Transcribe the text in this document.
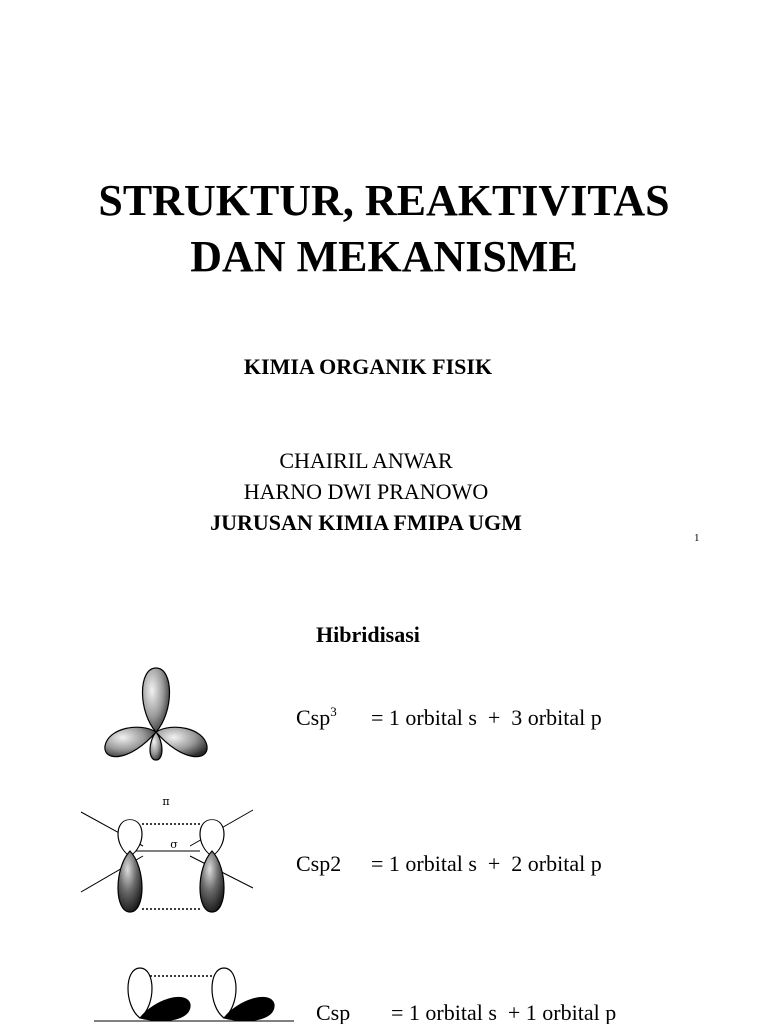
STRUKTUR, REAKTIVITAS
DAN MEKANISME
KIMIA ORGANIK FISIK
CHAIRIL ANWAR
HARNO DWI PRANOWO
JURUSAN KIMIA FMIPA UGM
1
Hibridisasi
Csp$^3$ = 1 orbital s  +  3 orbital p
π
σ
Csp2 = 1 orbital s  +  2 orbital p
Csp = 1 orbital s  + 1 orbital p
